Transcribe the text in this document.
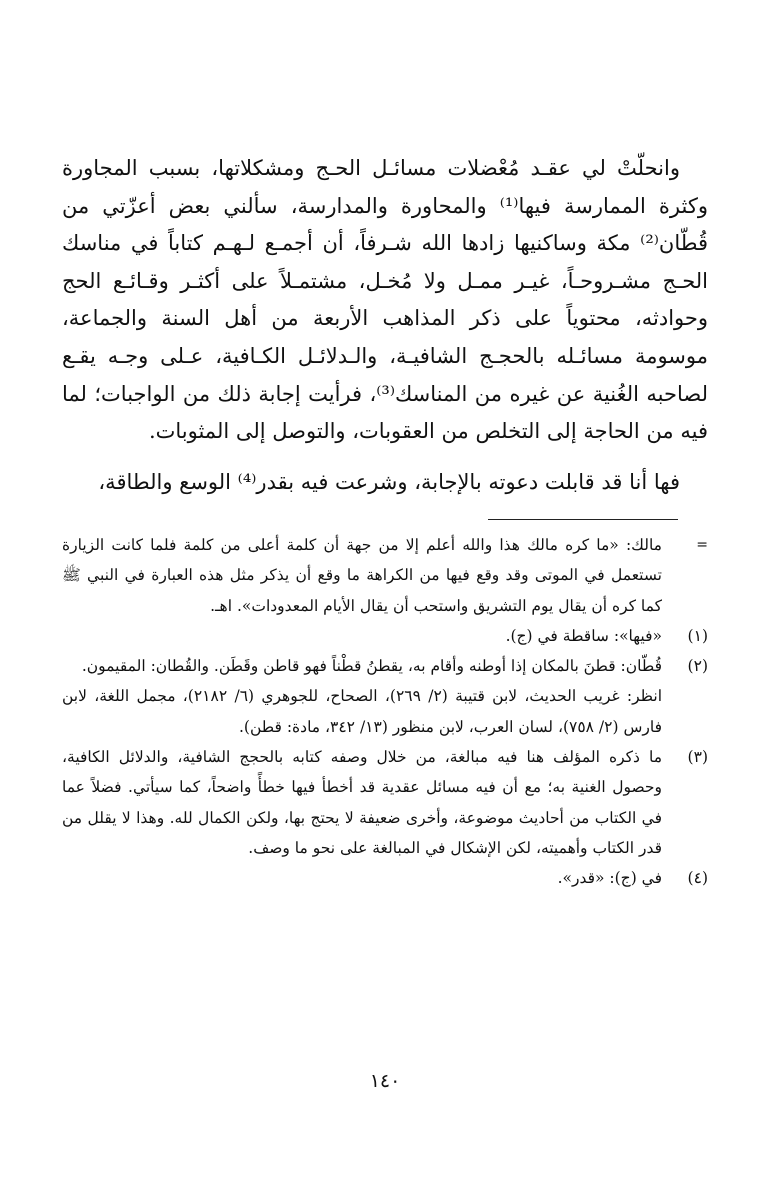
وانحلّتْ لي عقـد مُعْضلات مسائـل الحـج ومشكلاتها، بسبب المجاورة وكثرة الممارسة فيها⁽¹⁾ والمحاورة والمدارسة، سألني بعض أعزّتي من قُطّان⁽²⁾ مكة وساكنيها زادها الله شـرفاً، أن أجمـع لـهـم كتاباً في مناسك الحـج مشـروحـاً، غيـر ممـل ولا مُخـل، مشتمـلاً على أكثـر وقـائـع الحج وحوادثه، محتوياً على ذكر المذاهب الأربعة من أهل السنة والجماعة، موسومة مسائـله بالحجـج الشافيـة، والـدلائـل الكـافية، عـلى وجـه يقـع لصاحبه الغُنية عن غيره من المناسك⁽³⁾، فرأيت إجابة ذلك من الواجبات؛ لما فيه من الحاجة إلى التخلص من العقوبات، والتوصل إلى المثوبات.

فها أنا قد قابلت دعوته بالإجابة، وشرعت فيه بقدر⁽⁴⁾ الوسع والطاقة،

=
مالك: «ما كره مالك هذا والله أعلم إلا من جهة أن كلمة أعلى من كلمة فلما كانت الزيارة تستعمل في الموتى وقد وقع فيها من الكراهة ما وقع أن يذكر مثل هذه العبارة في النبي ﷺ كما كره أن يقال يوم التشريق واستحب أن يقال الأيام المعدودات». اهـ.
(١)
«فيها»: ساقطة في (ج).
(٢)
قُطّان: قطنَ بالمكان إذا أوطنه وأقام به، يقطنُ قطْناً فهو قاطن وقَطَن. والقُطان: المقيمون.
انظر: غريب الحديث، لابن قتيبة (٢/ ٢٦٩)، الصحاح، للجوهري (٦/ ٢١٨٢)، مجمل اللغة، لابن فارس (٢/ ٧٥٨)، لسان العرب، لابن منظور (١٣/ ٣٤٢، مادة: قطن).
(٣)
ما ذكره المؤلف هنا فيه مبالغة، من خلال وصفه كتابه بالحجج الشافية، والدلائل الكافية، وحصول الغنية به؛ مع أن فيه مسائل عقدية قد أخطأ فيها خطأً واضحاً، كما سيأتي. فضلاً عما في الكتاب من أحاديث موضوعة، وأخرى ضعيفة لا يحتج بها، ولكن الكمال لله. وهذا لا يقلل من قدر الكتاب وأهميته، لكن الإشكال في المبالغة على نحو ما وصف.
(٤)
في (ج): «قدر».
١٤٠
